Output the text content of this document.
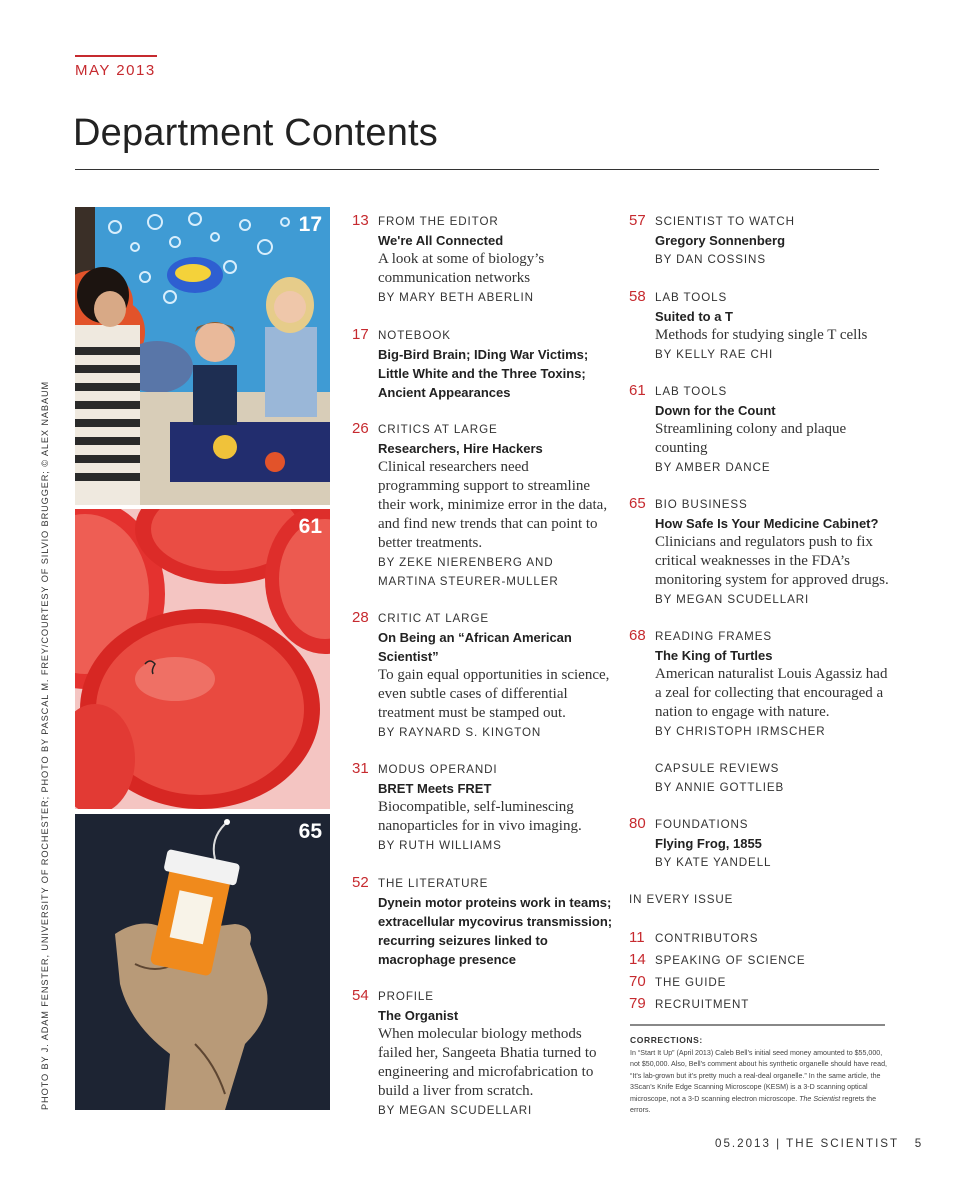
MAY 2013
Department Contents
PHOTO BY J. ADAM FENSTER, UNIVERSITY OF ROCHESTER; PHOTO BY PASCAL M. FREY/COURTESY OF SILVIO BRUGGER; © ALEX NABAUM
17
61
65
13 FROM THE EDITOR
We're All Connected
A look at some of biology’s communication networks
BY MARY BETH ABERLIN
17 NOTEBOOK
Big-Bird Brain; IDing War Victims; Little White and the Three Toxins; Ancient Appearances
26 CRITICS AT LARGE
Researchers, Hire Hackers
Clinical researchers need programming support to streamline their work, minimize error in the data, and find new trends that can point to better treatments.
BY ZEKE NIERENBERG AND MARTINA STEURER-MULLER
28 CRITIC AT LARGE
On Being an “African American Scientist”
To gain equal opportunities in science, even subtle cases of differential treatment must be stamped out.
BY RAYNARD S. KINGTON
31 MODUS OPERANDI
BRET Meets FRET
Biocompatible, self-luminescing nanoparticles for in vivo imaging.
BY RUTH WILLIAMS
52 THE LITERATURE
Dynein motor proteins work in teams; extracellular mycovirus transmission; recurring seizures linked to macrophage presence
54 PROFILE
The Organist
When molecular biology methods failed her, Sangeeta Bhatia turned to engineering and microfabrication to build a liver from scratch.
BY MEGAN SCUDELLARI
57 SCIENTIST TO WATCH
Gregory Sonnenberg
BY DAN COSSINS
58 LAB TOOLS
Suited to a T
Methods for studying single T cells
BY KELLY RAE CHI
61 LAB TOOLS
Down for the Count
Streamlining colony and plaque counting
BY AMBER DANCE
65 BIO BUSINESS
How Safe Is Your Medicine Cabinet?
Clinicians and regulators push to fix critical weaknesses in the FDA’s monitoring system for approved drugs.
BY MEGAN SCUDELLARI
68 READING FRAMES
The King of Turtles
American naturalist Louis Agassiz had a zeal for collecting that encouraged a nation to engage with nature.
BY CHRISTOPH IRMSCHER
CAPSULE REVIEWS
BY ANNIE GOTTLIEB
80 FOUNDATIONS
Flying Frog, 1855
BY KATE YANDELL
IN EVERY ISSUE
11 CONTRIBUTORS
14 SPEAKING OF SCIENCE
70 THE GUIDE
79 RECRUITMENT
CORRECTIONS:
In “Start It Up” (April 2013) Caleb Bell’s initial seed money amounted to $55,000, not $50,000. Also, Bell’s comment about his synthetic organelle should have read, “It’s lab-grown but it’s pretty much a real-deal organelle.” In the same article, the 3Scan’s Knife Edge Scanning Microscope (KESM) is a 3-D scanning optical microscope, not a 3-D scanning electron microscope. The Scientist regrets the errors.
05.2013 | THE SCIENTIST 5
